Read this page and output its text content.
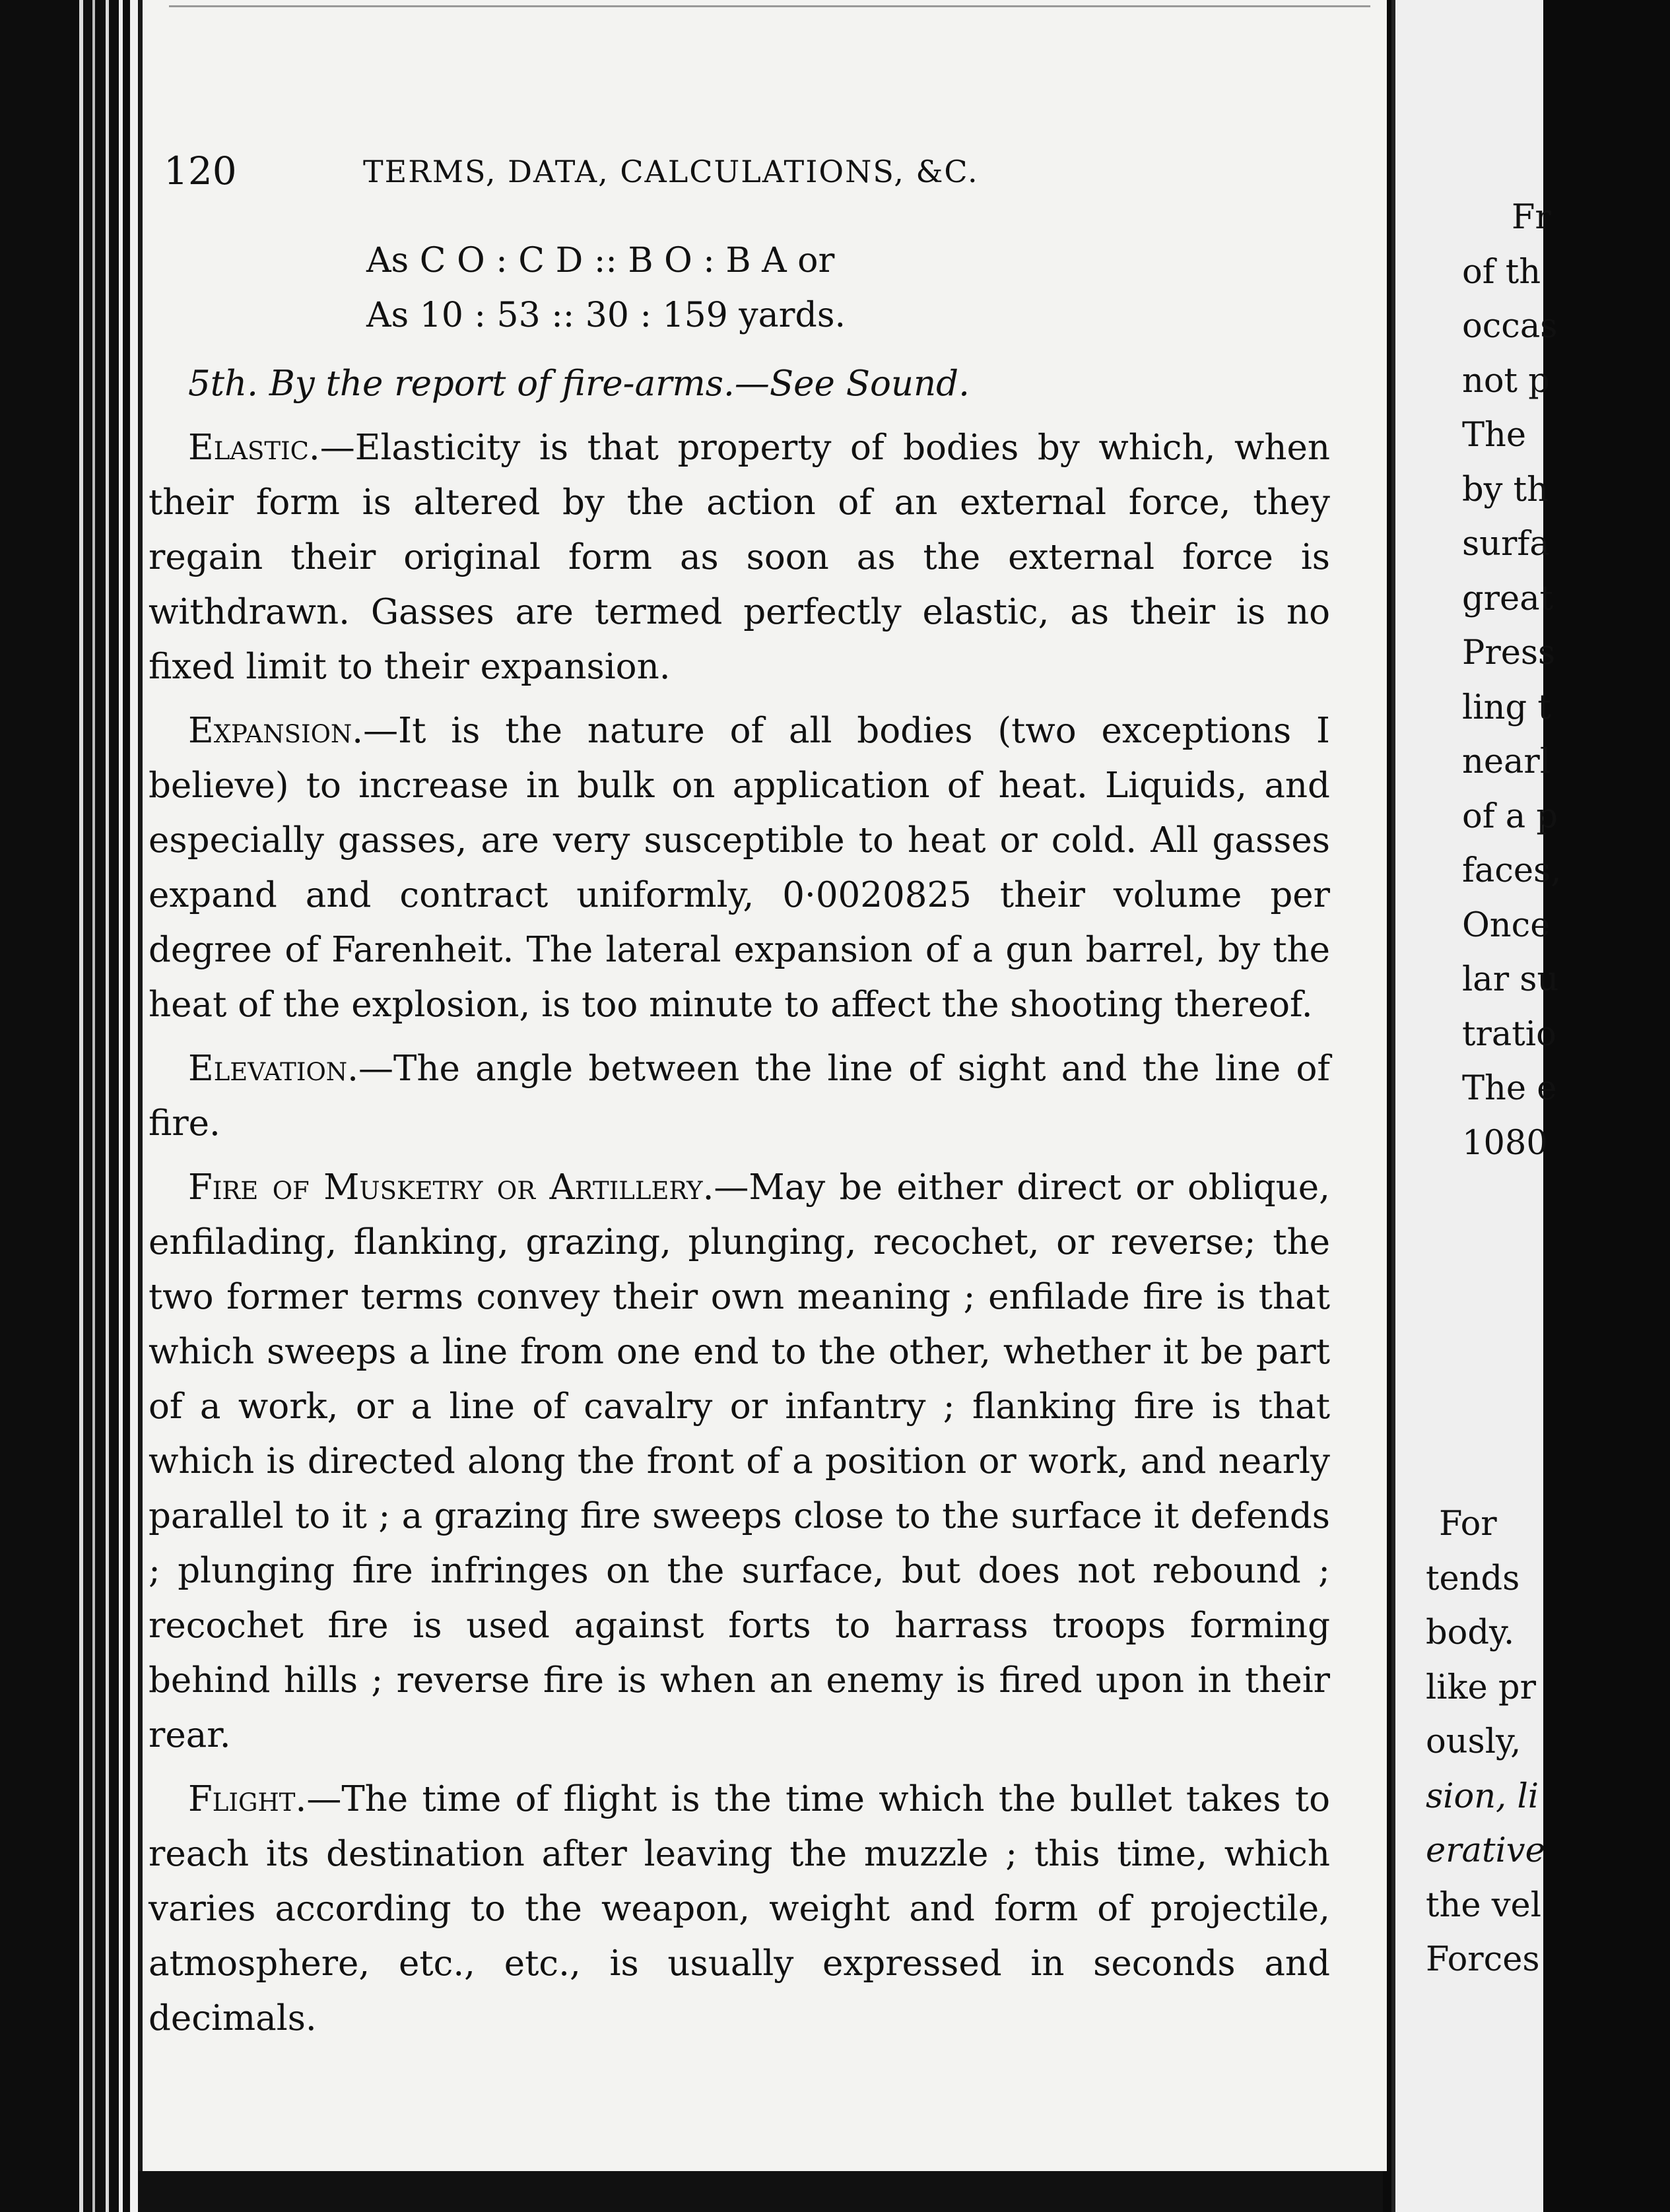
120	TERMS, DATA, CALCULATIONS, &C.
As C O : C D :: B O : B A or
As 10 : 53 :: 30 : 159 yards.

5th. By the report of fire-arms.—See Sound.

Elastic.—Elasticity is that property of bodies by which, when their form is altered by the action of an external force, they regain their original form as soon as the external force is withdrawn. Gasses are termed perfectly elastic, as their is no fixed limit to their expansion.

Expansion.—It is the nature of all bodies (two exceptions I believe) to increase in bulk on application of heat. Liquids, and especially gasses, are very susceptible to heat or cold. All gasses expand and contract uniformly, 0·0020825 their volume per degree of Farenheit. The lateral expansion of a gun barrel, by the heat of the explosion, is too minute to affect the shooting thereof.

Elevation.—The angle between the line of sight and the line of fire.

Fire of Musketry or Artillery.—May be either direct or oblique, enfilading, flanking, grazing, plunging, recochet, or reverse; the two former terms convey their own meaning ; enfilade fire is that which sweeps a line from one end to the other, whether it be part of a work, or a line of cavalry or infantry ; flanking fire is that which is directed along the front of a position or work, and nearly parallel to it ; a grazing fire sweeps close to the surface it defends ; plunging fire infringes on the surface, but does not rebound ; recochet fire is used against forts to harrass troops forming behind hills ; reverse fire is when an enemy is fired upon in their rear.

Flight.—The time of flight is the time which the bullet takes to reach its destination after leaving the muzzle ; this time, which varies according to the weapon, weight and form of projectile, atmosphere, etc., etc., is usually expressed in seconds and decimals.

Fr
of th
occas
not p
The
by th
surfa
great
Press
ling t
nearl
of a p
faces,
Once
lar su
tratio
The e
1080
For
tends
body.
like pr
ously,
sion, li
erative
the vel
Forces
